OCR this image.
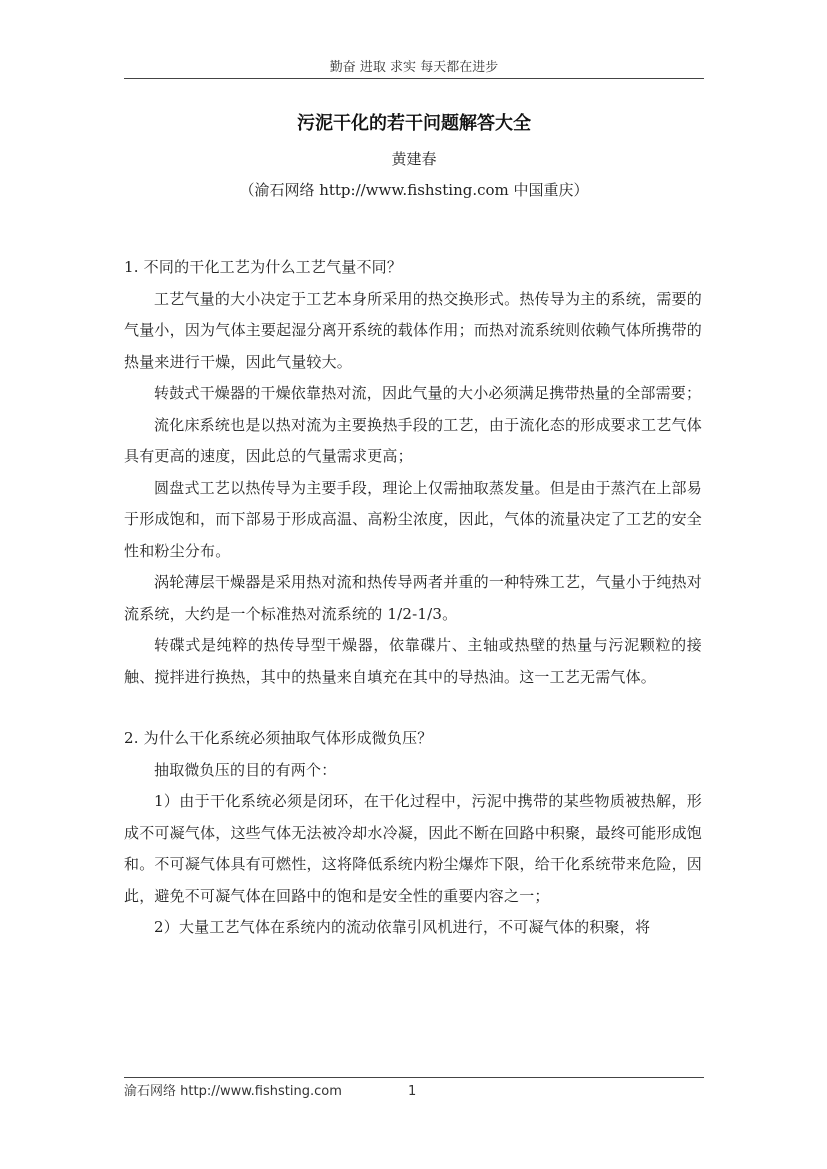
勤奋 进取 求实 每天都在进步
污泥干化的若干问题解答大全
黄建春
（渝石网络 http://www.fishsting.com 中国重庆）

1. 不同的干化工艺为什么工艺气量不同？

工艺气量的大小决定于工艺本身所采用的热交换形式。热传导为主的系统，需要的气量小，因为气体主要起湿分离开系统的载体作用；而热对流系统则依赖气体所携带的热量来进行干燥，因此气量较大。

转鼓式干燥器的干燥依靠热对流，因此气量的大小必须满足携带热量的全部需要；

流化床系统也是以热对流为主要换热手段的工艺，由于流化态的形成要求工艺气体具有更高的速度，因此总的气量需求更高；

圆盘式工艺以热传导为主要手段，理论上仅需抽取蒸发量。但是由于蒸汽在上部易于形成饱和，而下部易于形成高温、高粉尘浓度，因此，气体的流量决定了工艺的安全性和粉尘分布。

涡轮薄层干燥器是采用热对流和热传导两者并重的一种特殊工艺，气量小于纯热对流系统，大约是一个标准热对流系统的 1/2-1/3。

转碟式是纯粹的热传导型干燥器，依靠碟片、主轴或热壁的热量与污泥颗粒的接触、搅拌进行换热，其中的热量来自填充在其中的导热油。这一工艺无需气体。

2. 为什么干化系统必须抽取气体形成微负压？

抽取微负压的目的有两个：

1）由于干化系统必须是闭环，在干化过程中，污泥中携带的某些物质被热解，形成不可凝气体，这些气体无法被冷却水冷凝，因此不断在回路中积聚，最终可能形成饱和。不可凝气体具有可燃性，这将降低系统内粉尘爆炸下限，给干化系统带来危险，因此，避免不可凝气体在回路中的饱和是安全性的重要内容之一；

2）大量工艺气体在系统内的流动依靠引风机进行，不可凝气体的积聚，将

渝石网络 http://www.fishsting.com	1
